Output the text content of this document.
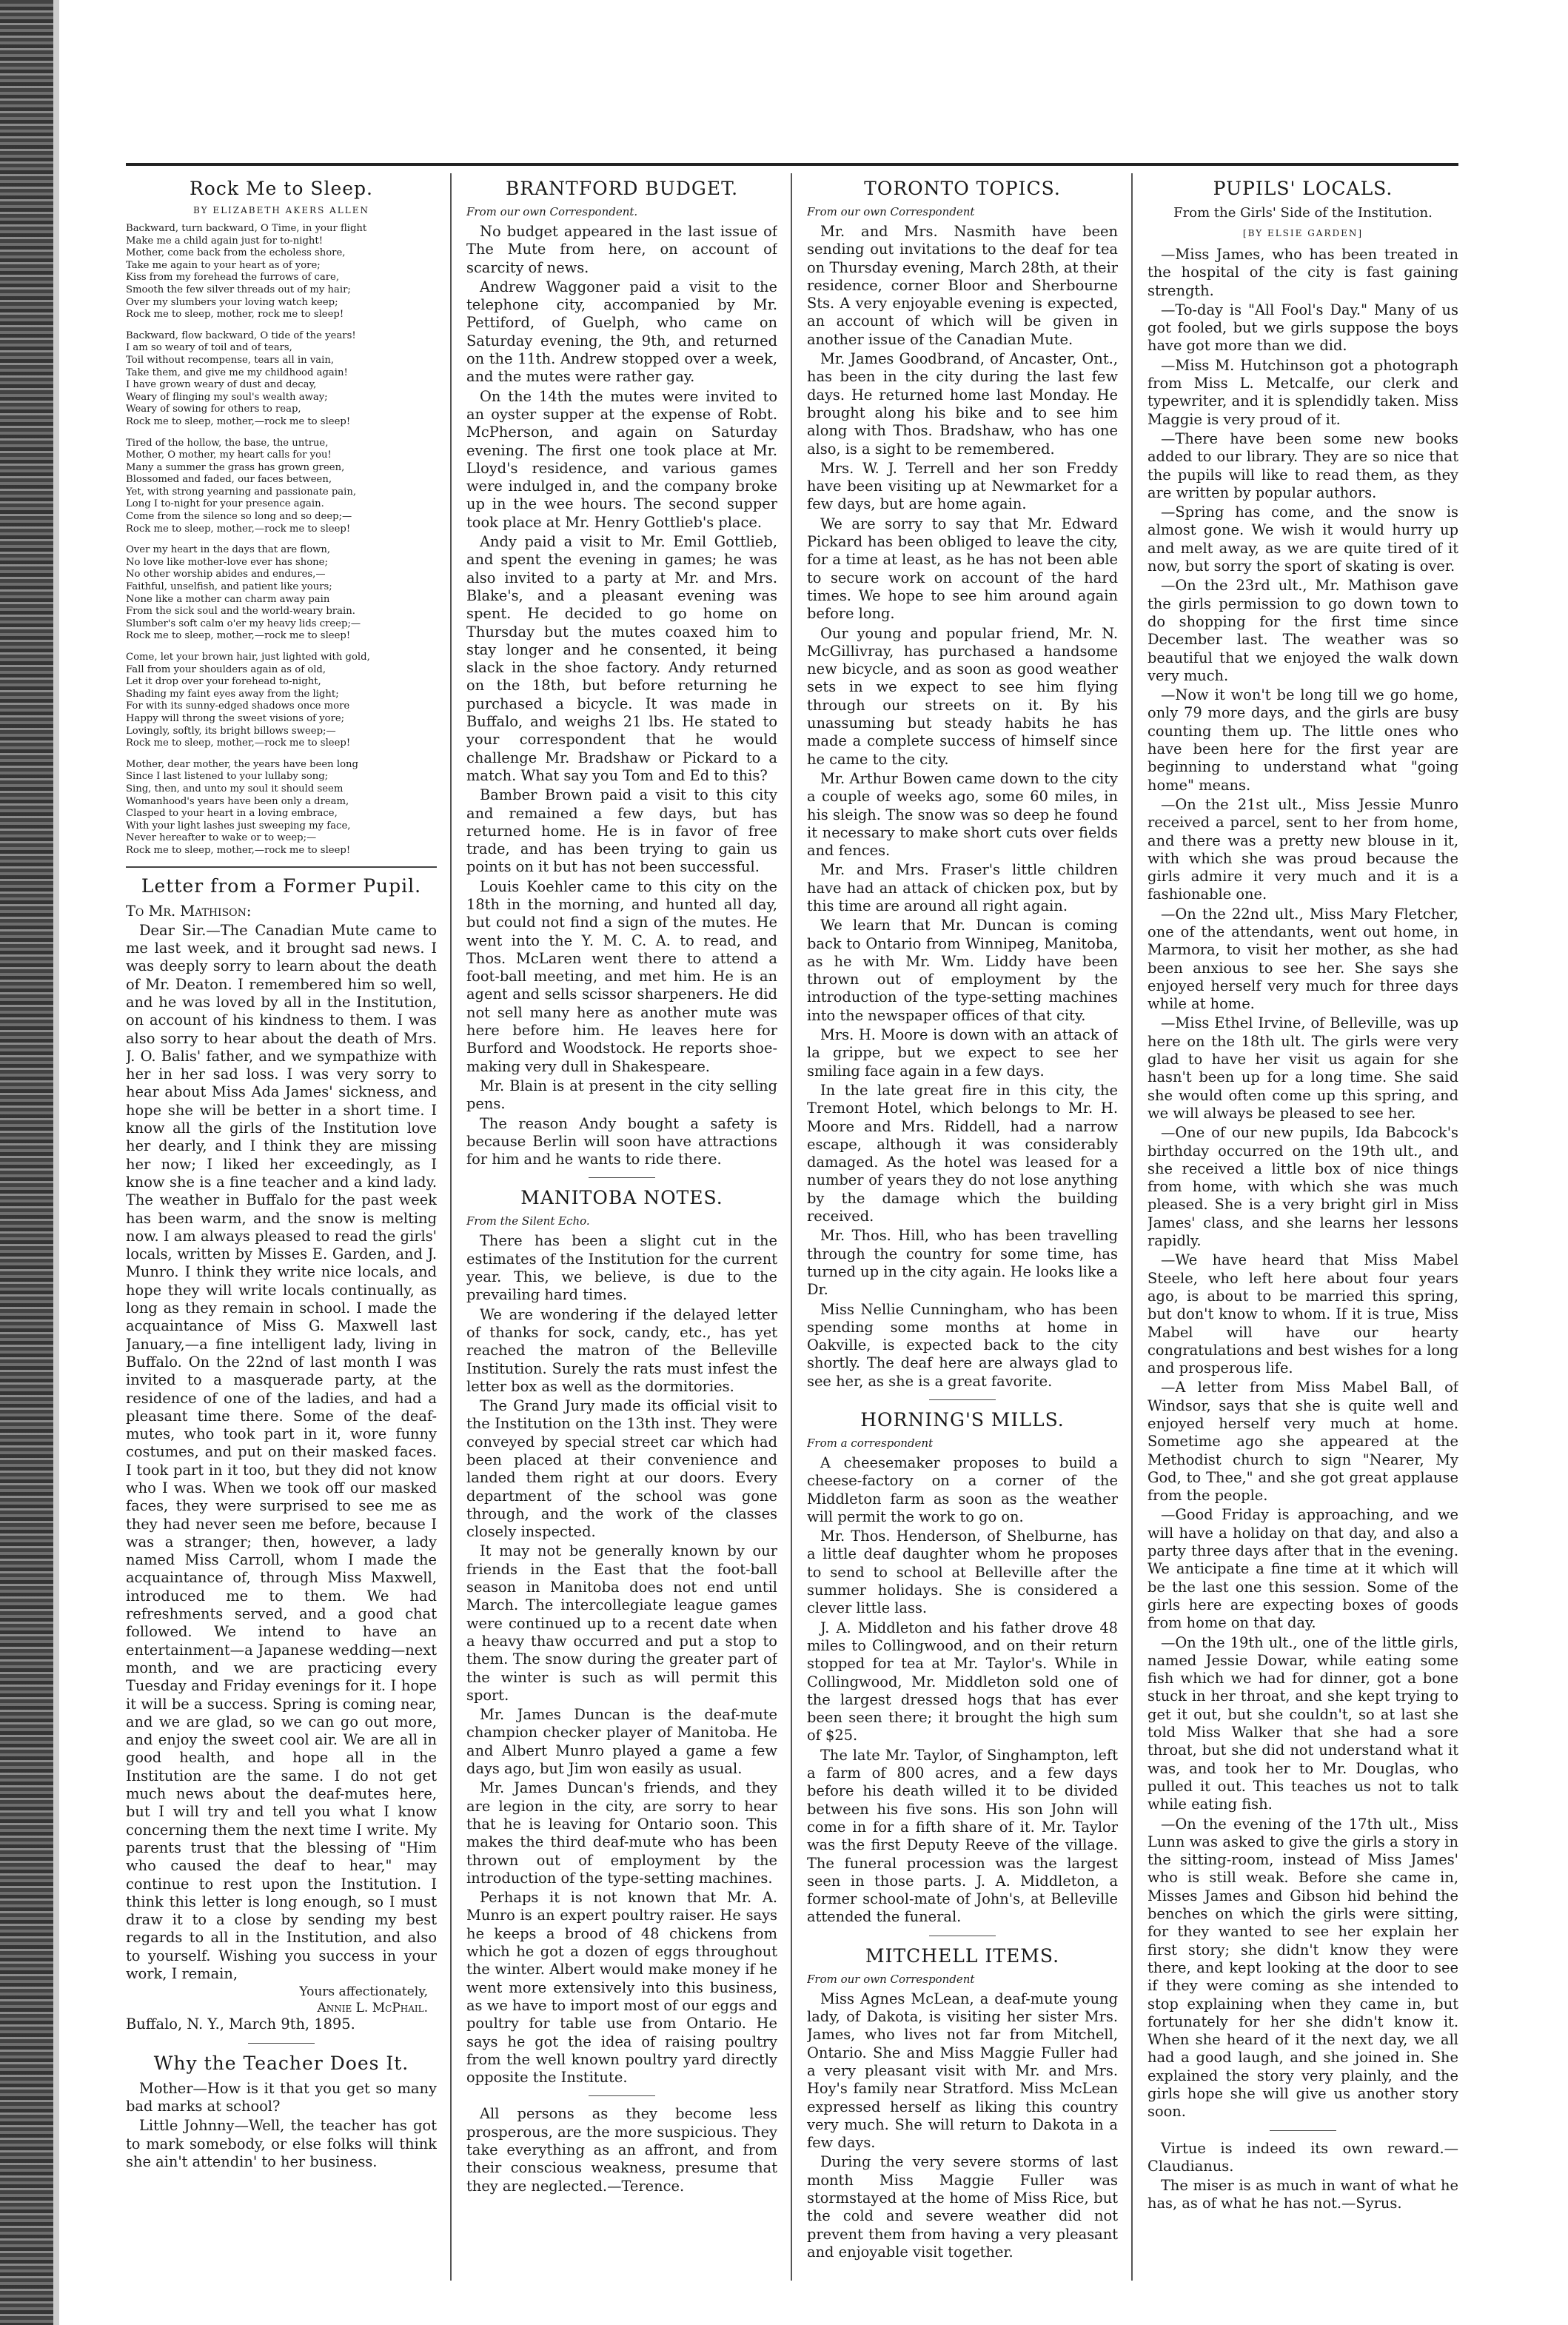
Rock Me to Sleep.
BY ELIZABETH AKERS ALLEN
Backward, turn backward, O Time, in your flight
Make me a child again just for to-night!
Mother, come back from the echoless shore,
Take me again to your heart as of yore;
Kiss from my forehead the furrows of care,
Smooth the few silver threads out of my hair;
Over my slumbers your loving watch keep;
Rock me to sleep, mother, rock me to sleep!
Backward, flow backward, O tide of the years!
I am so weary of toil and of tears,
Toil without recompense, tears all in vain,
Take them, and give me my childhood again!
I have grown weary of dust and decay,
Weary of flinging my soul's wealth away;
Weary of sowing for others to reap,
Rock me to sleep, mother,—rock me to sleep!
Tired of the hollow, the base, the untrue,
Mother, O mother, my heart calls for you!
Many a summer the grass has grown green,
Blossomed and faded, our faces between,
Yet, with strong yearning and passionate pain,
Long I to-night for your presence again.
Come from the silence so long and so deep;—
Rock me to sleep, mother,—rock me to sleep!
Over my heart in the days that are flown,
No love like mother-love ever has shone;
No other worship abides and endures,—
Faithful, unselfish, and patient like yours;
None like a mother can charm away pain
From the sick soul and the world-weary brain.
Slumber's soft calm o'er my heavy lids creep;—
Rock me to sleep, mother,—rock me to sleep!
Come, let your brown hair, just lighted with gold,
Fall from your shoulders again as of old,
Let it drop over your forehead to-night,
Shading my faint eyes away from the light;
For with its sunny-edged shadows once more
Happy will throng the sweet visions of yore;
Lovingly, softly, its bright billows sweep;—
Rock me to sleep, mother,—rock me to sleep!
Mother, dear mother, the years have been long
Since I last listened to your lullaby song;
Sing, then, and unto my soul it should seem
Womanhood's years have been only a dream,
Clasped to your heart in a loving embrace,
With your light lashes just sweeping my face,
Never hereafter to wake or to weep;—
Rock me to sleep, mother,—rock me to sleep!
Letter from a Former Pupil.

To Mr. Mathison:

Dear Sir.—The Canadian Mute came to me last week, and it brought sad news. I was deeply sorry to learn about the death of Mr. Deaton. I remembered him so well, and he was loved by all in the Institution, on account of his kindness to them. I was also sorry to hear about the death of Mrs. J. O. Balis' father, and we sympathize with her in her sad loss. I was very sorry to hear about Miss Ada James' sickness, and hope she will be better in a short time. I know all the girls of the Institution love her dearly, and I think they are missing her now; I liked her exceedingly, as I know she is a fine teacher and a kind lady. The weather in Buffalo for the past week has been warm, and the snow is melting now. I am always pleased to read the girls' locals, written by Misses E. Garden, and J. Munro. I think they write nice locals, and hope they will write locals continually, as long as they remain in school. I made the acquaintance of Miss G. Maxwell last January,—a fine intelligent lady, living in Buffalo. On the 22nd of last month I was invited to a masquerade party, at the residence of one of the ladies, and had a pleasant time there. Some of the deaf-mutes, who took part in it, wore funny costumes, and put on their masked faces. I took part in it too, but they did not know who I was. When we took off our masked faces, they were surprised to see me as they had never seen me before, because I was a stranger; then, however, a lady named Miss Carroll, whom I made the acquaintance of, through Miss Maxwell, introduced me to them. We had refreshments served, and a good chat followed. We intend to have an entertainment—a Japanese wedding—next month, and we are practicing every Tuesday and Friday evenings for it. I hope it will be a success. Spring is coming near, and we are glad, so we can go out more, and enjoy the sweet cool air. We are all in good health, and hope all in the Institution are the same. I do not get much news about the deaf-mutes here, but I will try and tell you what I know concerning them the next time I write. My parents trust that the blessing of "Him who caused the deaf to hear," may continue to rest upon the Institution. I think this letter is long enough, so I must draw it to a close by sending my best regards to all in the Institution, and also to yourself. Wishing you success in your work, I remain,

Yours affectionately,
Annie L. McPhail.

Buffalo, N. Y., March 9th, 1895.

Why the Teacher Does It.

Mother—How is it that you get so many bad marks at school?

Little Johnny—Well, the teacher has got to mark somebody, or else folks will think she ain't attendin' to her business.

BRANTFORD BUDGET.
From our own Correspondent.

No budget appeared in the last issue of The Mute from here, on account of scarcity of news.

Andrew Waggoner paid a visit to the telephone city, accompanied by Mr. Pettiford, of Guelph, who came on Saturday evening, the 9th, and returned on the 11th. Andrew stopped over a week, and the mutes were rather gay.

On the 14th the mutes were invited to an oyster supper at the expense of Robt. McPherson, and again on Saturday evening. The first one took place at Mr. Lloyd's residence, and various games were indulged in, and the company broke up in the wee hours. The second supper took place at Mr. Henry Gottlieb's place.

Andy paid a visit to Mr. Emil Gottlieb, and spent the evening in games; he was also invited to a party at Mr. and Mrs. Blake's, and a pleasant evening was spent. He decided to go home on Thursday but the mutes coaxed him to stay longer and he consented, it being slack in the shoe factory. Andy returned on the 18th, but before returning he purchased a bicycle. It was made in Buffalo, and weighs 21 lbs. He stated to your correspondent that he would challenge Mr. Bradshaw or Pickard to a match. What say you Tom and Ed to this?

Bamber Brown paid a visit to this city and remained a few days, but has returned home. He is in favor of free trade, and has been trying to gain us points on it but has not been successful.

Louis Koehler came to this city on the 18th in the morning, and hunted all day, but could not find a sign of the mutes. He went into the Y. M. C. A. to read, and Thos. McLaren went there to attend a foot-ball meeting, and met him. He is an agent and sells scissor sharpeners. He did not sell many here as another mute was here before him. He leaves here for Burford and Woodstock. He reports shoe-making very dull in Shakespeare.

Mr. Blain is at present in the city selling pens.

The reason Andy bought a safety is because Berlin will soon have attractions for him and he wants to ride there.

MANITOBA NOTES.
From the Silent Echo.

There has been a slight cut in the estimates of the Institution for the current year. This, we believe, is due to the prevailing hard times.

We are wondering if the delayed letter of thanks for sock, candy, etc., has yet reached the matron of the Belleville Institution. Surely the rats must infest the letter box as well as the dormitories.

The Grand Jury made its official visit to the Institution on the 13th inst. They were conveyed by special street car which had been placed at their convenience and landed them right at our doors. Every department of the school was gone through, and the work of the classes closely inspected.

It may not be generally known by our friends in the East that the foot-ball season in Manitoba does not end until March. The intercollegiate league games were continued up to a recent date when a heavy thaw occurred and put a stop to them. The snow during the greater part of the winter is such as will permit this sport.

Mr. James Duncan is the deaf-mute champion checker player of Manitoba. He and Albert Munro played a game a few days ago, but Jim won easily as usual.

Mr. James Duncan's friends, and they are legion in the city, are sorry to hear that he is leaving for Ontario soon. This makes the third deaf-mute who has been thrown out of employment by the introduction of the type-setting machines.

Perhaps it is not known that Mr. A. Munro is an expert poultry raiser. He says he keeps a brood of 48 chickens from which he got a dozen of eggs throughout the winter. Albert would make money if he went more extensively into this business, as we have to import most of our eggs and poultry for table use from Ontario. He says he got the idea of raising poultry from the well known poultry yard directly opposite the Institute.

All persons as they become less prosperous, are the more suspicious. They take everything as an affront, and from their conscious weakness, presume that they are neglected.—Terence.

TORONTO TOPICS.
From our own Correspondent

Mr. and Mrs. Nasmith have been sending out invitations to the deaf for tea on Thursday evening, March 28th, at their residence, corner Bloor and Sherbourne Sts. A very enjoyable evening is expected, an account of which will be given in another issue of the Canadian Mute.

Mr. James Goodbrand, of Ancaster, Ont., has been in the city during the last few days. He returned home last Monday. He brought along his bike and to see him along with Thos. Bradshaw, who has one also, is a sight to be remembered.

Mrs. W. J. Terrell and her son Freddy have been visiting up at Newmarket for a few days, but are home again.

We are sorry to say that Mr. Edward Pickard has been obliged to leave the city, for a time at least, as he has not been able to secure work on account of the hard times. We hope to see him around again before long.

Our young and popular friend, Mr. N. McGillivray, has purchased a handsome new bicycle, and as soon as good weather sets in we expect to see him flying through our streets on it. By his unassuming but steady habits he has made a complete success of himself since he came to the city.

Mr. Arthur Bowen came down to the city a couple of weeks ago, some 60 miles, in his sleigh. The snow was so deep he found it necessary to make short cuts over fields and fences.

Mr. and Mrs. Fraser's little children have had an attack of chicken pox, but by this time are around all right again.

We learn that Mr. Duncan is coming back to Ontario from Winnipeg, Manitoba, as he with Mr. Wm. Liddy have been thrown out of employment by the introduction of the type-setting machines into the newspaper offices of that city.

Mrs. H. Moore is down with an attack of la grippe, but we expect to see her smiling face again in a few days.

In the late great fire in this city, the Tremont Hotel, which belongs to Mr. H. Moore and Mrs. Riddell, had a narrow escape, although it was considerably damaged. As the hotel was leased for a number of years they do not lose anything by the damage which the building received.

Mr. Thos. Hill, who has been travelling through the country for some time, has turned up in the city again. He looks like a Dr.

Miss Nellie Cunningham, who has been spending some months at home in Oakville, is expected back to the city shortly. The deaf here are always glad to see her, as she is a great favorite.

HORNING'S MILLS.
From a correspondent

A cheesemaker proposes to build a cheese-factory on a corner of the Middleton farm as soon as the weather will permit the work to go on.

Mr. Thos. Henderson, of Shelburne, has a little deaf daughter whom he proposes to send to school at Belleville after the summer holidays. She is considered a clever little lass.

J. A. Middleton and his father drove 48 miles to Collingwood, and on their return stopped for tea at Mr. Taylor's. While in Collingwood, Mr. Middleton sold one of the largest dressed hogs that has ever been seen there; it brought the high sum of $25.

The late Mr. Taylor, of Singhampton, left a farm of 800 acres, and a few days before his death willed it to be divided between his five sons. His son John will come in for a fifth share of it. Mr. Taylor was the first Deputy Reeve of the village. The funeral procession was the largest seen in those parts. J. A. Middleton, a former school-mate of John's, at Belleville attended the funeral.

MITCHELL ITEMS.
From our own Correspondent

Miss Agnes McLean, a deaf-mute young lady, of Dakota, is visiting her sister Mrs. James, who lives not far from Mitchell, Ontario. She and Miss Maggie Fuller had a very pleasant visit with Mr. and Mrs. Hoy's family near Stratford. Miss McLean expressed herself as liking this country very much. She will return to Dakota in a few days.

During the very severe storms of last month Miss Maggie Fuller was stormstayed at the home of Miss Rice, but the cold and severe weather did not prevent them from having a very pleasant and enjoyable visit together.

PUPILS' LOCALS.
From the Girls' Side of the Institution.
[BY ELSIE GARDEN]

—Miss James, who has been treated in the hospital of the city is fast gaining strength.

—To-day is "All Fool's Day." Many of us got fooled, but we girls suppose the boys have got more than we did.

—Miss M. Hutchinson got a photograph from Miss L. Metcalfe, our clerk and typewriter, and it is splendidly taken. Miss Maggie is very proud of it.

—There have been some new books added to our library. They are so nice that the pupils will like to read them, as they are written by popular authors.

—Spring has come, and the snow is almost gone. We wish it would hurry up and melt away, as we are quite tired of it now, but sorry the sport of skating is over.

—On the 23rd ult., Mr. Mathison gave the girls permission to go down town to do shopping for the first time since December last. The weather was so beautiful that we enjoyed the walk down very much.

—Now it won't be long till we go home, only 79 more days, and the girls are busy counting them up. The little ones who have been here for the first year are beginning to understand what "going home" means.

—On the 21st ult., Miss Jessie Munro received a parcel, sent to her from home, and there was a pretty new blouse in it, with which she was proud because the girls admire it very much and it is a fashionable one.

—On the 22nd ult., Miss Mary Fletcher, one of the attendants, went out home, in Marmora, to visit her mother, as she had been anxious to see her. She says she enjoyed herself very much for three days while at home.

—Miss Ethel Irvine, of Belleville, was up here on the 18th ult. The girls were very glad to have her visit us again for she hasn't been up for a long time. She said she would often come up this spring, and we will always be pleased to see her.

—One of our new pupils, Ida Babcock's birthday occurred on the 19th ult., and she received a little box of nice things from home, with which she was much pleased. She is a very bright girl in Miss James' class, and she learns her lessons rapidly.

—We have heard that Miss Mabel Steele, who left here about four years ago, is about to be married this spring, but don't know to whom. If it is true, Miss Mabel will have our hearty congratulations and best wishes for a long and prosperous life.

—A letter from Miss Mabel Ball, of Windsor, says that she is quite well and enjoyed herself very much at home. Sometime ago she appeared at the Methodist church to sign "Nearer, My God, to Thee," and she got great applause from the people.

—Good Friday is approaching, and we will have a holiday on that day, and also a party three days after that in the evening. We anticipate a fine time at it which will be the last one this session. Some of the girls here are expecting boxes of goods from home on that day.

—On the 19th ult., one of the little girls, named Jessie Dowar, while eating some fish which we had for dinner, got a bone stuck in her throat, and she kept trying to get it out, but she couldn't, so at last she told Miss Walker that she had a sore throat, but she did not understand what it was, and took her to Mr. Douglas, who pulled it out. This teaches us not to talk while eating fish.

—On the evening of the 17th ult., Miss Lunn was asked to give the girls a story in the sitting-room, instead of Miss James' who is still weak. Before she came in, Misses James and Gibson hid behind the benches on which the girls were sitting, for they wanted to see her explain her first story; she didn't know they were there, and kept looking at the door to see if they were coming as she intended to stop explaining when they came in, but fortunately for her she didn't know it. When she heard of it the next day, we all had a good laugh, and she joined in. She explained the story very plainly, and the girls hope she will give us another story soon.

Virtue is indeed its own reward.—Claudianus.

The miser is as much in want of what he has, as of what he has not.—Syrus.
